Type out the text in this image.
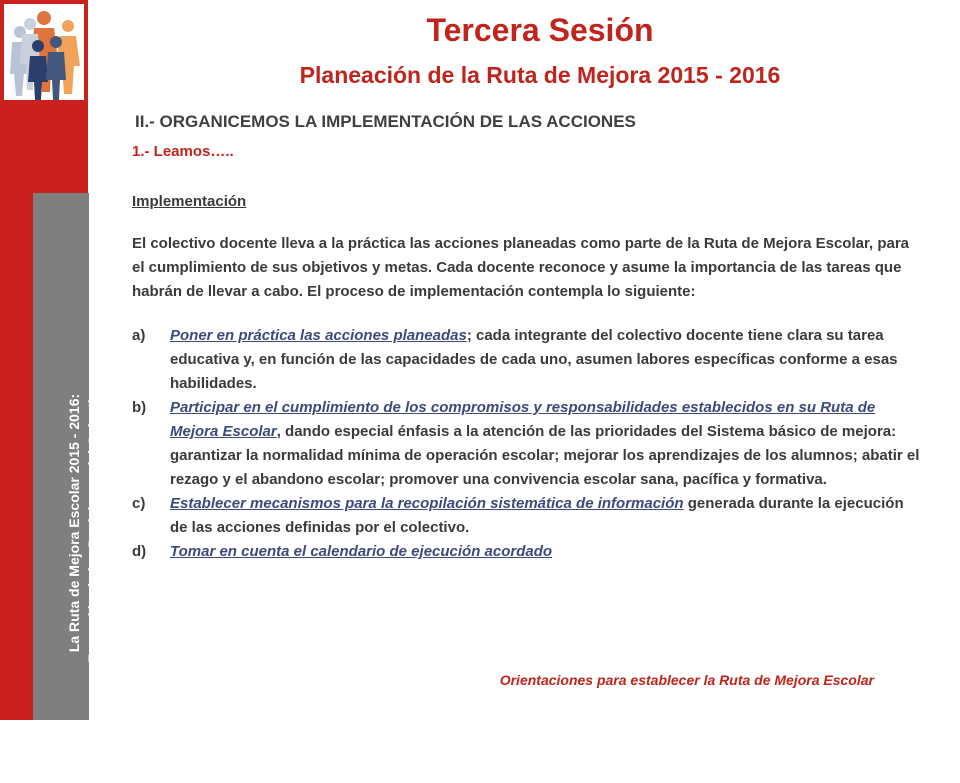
La Ruta de Mejora Escolar 2015 - 2016: Expresión de las Decisiones del Colectivo
Tercera Sesión
Planeación de la Ruta de Mejora 2015 - 2016
II.- ORGANICEMOS LA IMPLEMENTACIÓN DE LAS ACCIONES
1.- Leamos…..

Implementación

El colectivo docente lleva a la práctica las acciones planeadas como parte de la Ruta de Mejora Escolar, para el cumplimiento de sus objetivos y metas. Cada docente reconoce y asume la importancia de las tareas que habrán de llevar a cabo. El proceso de implementación contempla lo siguiente:

a)	Poner en práctica las acciones planeadas; cada integrante del colectivo docente tiene clara su tarea educativa y, en función de las capacidades de cada uno, asumen labores específicas conforme a esas habilidades.
b)	Participar en el cumplimiento de los compromisos y responsabilidades establecidos en su Ruta de Mejora Escolar, dando especial énfasis a la atención de las prioridades del Sistema básico de mejora: garantizar la normalidad mínima de operación escolar; mejorar los aprendizajes de los alumnos; abatir el rezago y el abandono escolar; promover una convivencia escolar sana, pacífica y formativa.
c)	Establecer mecanismos para la recopilación sistemática de información generada durante la ejecución de las acciones definidas por el colectivo.
d)	Tomar en cuenta el calendario de ejecución acordado
Orientaciones para establecer la Ruta de Mejora Escolar
